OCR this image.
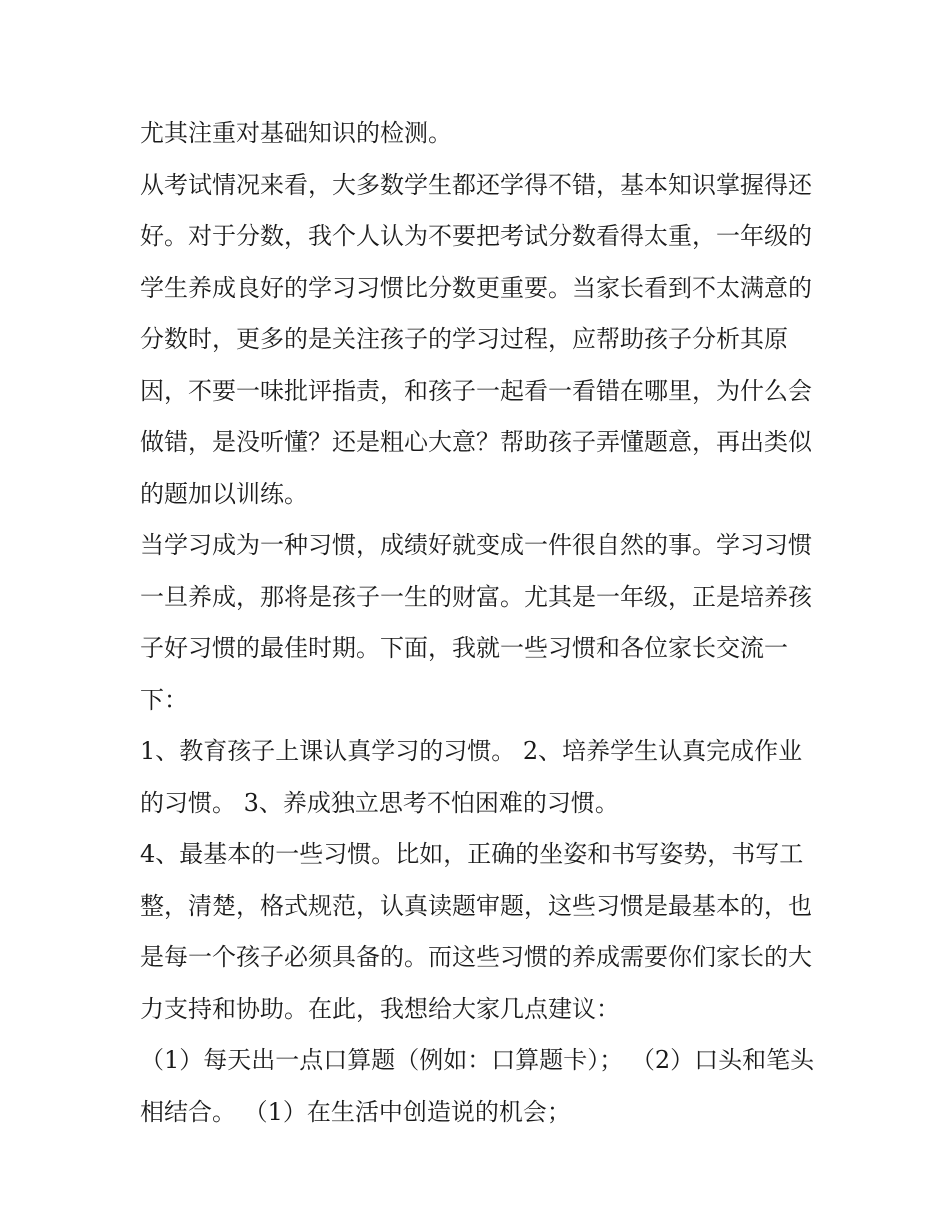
尤其注重对基础知识的检测。

从考试情况来看，大多数学生都还学得不错，基本知识掌握得还好。对于分数，我个人认为不要把考试分数看得太重，一年级的学生养成良好的学习习惯比分数更重要。当家长看到不太满意的分数时，更多的是关注孩子的学习过程，应帮助孩子分析其原因，不要一味批评指责，和孩子一起看一看错在哪里，为什么会做错，是没听懂？还是粗心大意？帮助孩子弄懂题意，再出类似的题加以训练。

当学习成为一种习惯，成绩好就变成一件很自然的事。学习习惯一旦养成，那将是孩子一生的财富。尤其是一年级，正是培养孩子好习惯的最佳时期。下面，我就一些习惯和各位家长交流一下：

1、教育孩子上课认真学习的习惯。 2、培养学生认真完成作业的习惯。 3、养成独立思考不怕困难的习惯。

4、最基本的一些习惯。比如，正确的坐姿和书写姿势，书写工整，清楚，格式规范，认真读题审题，这些习惯是最基本的，也是每一个孩子必须具备的。而这些习惯的养成需要你们家长的大力支持和协助。在此，我想给大家几点建议：

（1）每天出一点口算题（例如：口算题卡）； （2）口头和笔头相结合。 （1）在生活中创造说的机会；
